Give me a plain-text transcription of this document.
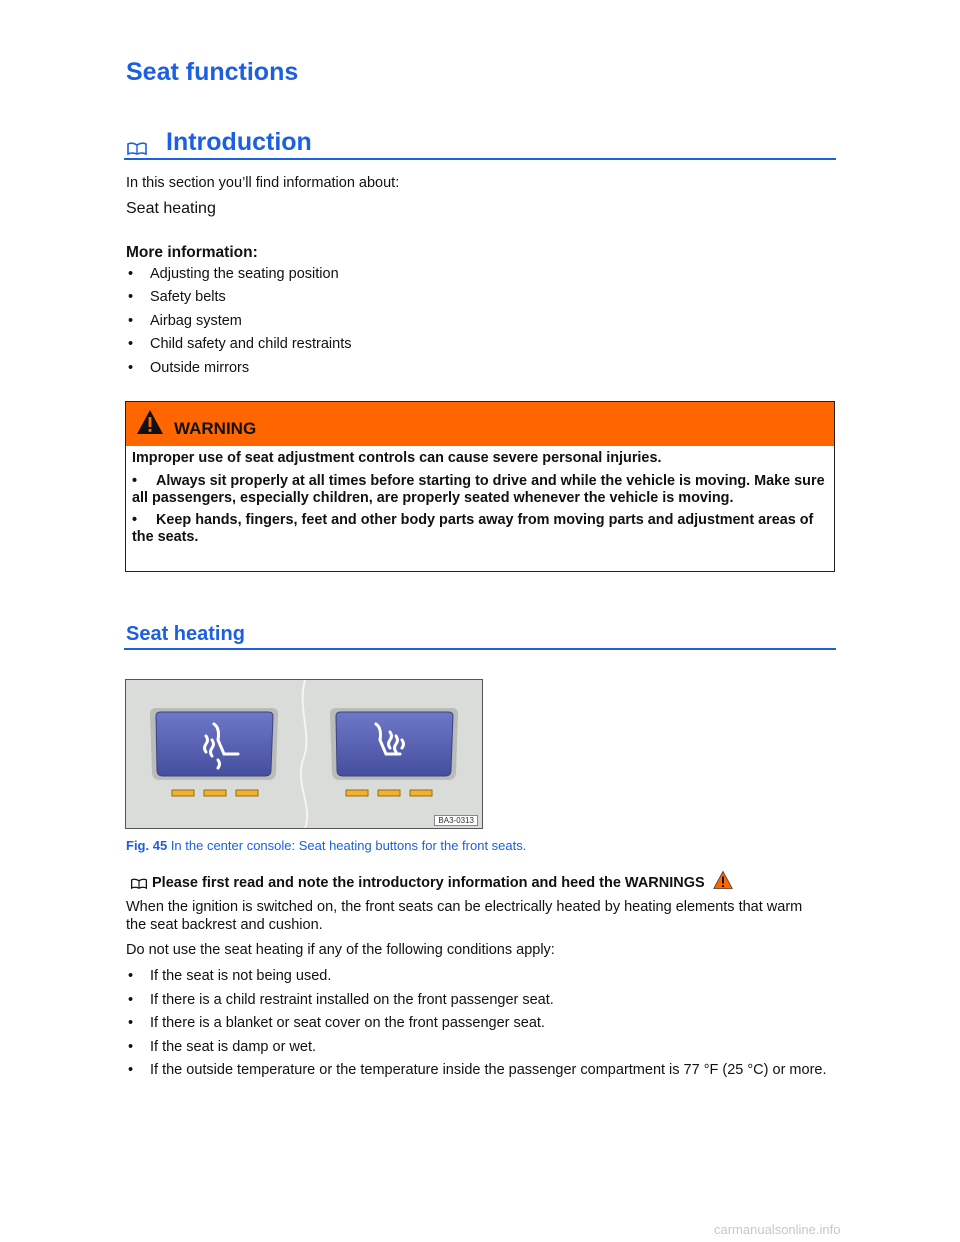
Seat functions
Introduction
In this section you’ll find information about:
Seat heating
More information:
• Adjusting the seating position
• Safety belts
• Airbag system
• Child safety and child restraints
• Outside mirrors
WARNING

Improper use of seat adjustment controls can cause severe personal injuries.

• Always sit properly at all times before starting to drive and while the vehicle is moving. Make sure all passengers, especially children, are properly seated whenever the vehicle is moving.

• Keep hands, fingers, feet and other body parts away from moving parts and adjustment areas of the seats.

Seat heating
BA3-0313
Fig. 45 In the center console: Seat heating buttons for the front seats.
Please first read and note the introductory information and heed the WARNINGS
When the ignition is switched on, the front seats can be electrically heated by heating elements that warm the seat backrest and cushion.
Do not use the seat heating if any of the following conditions apply:
• If the seat is not being used.
• If there is a child restraint installed on the front passenger seat.
• If there is a blanket or seat cover on the front passenger seat.
• If the seat is damp or wet.
• If the outside temperature or the temperature inside the passenger compartment is 77 °F (25 °C) or more.
carmanualsonline.info
